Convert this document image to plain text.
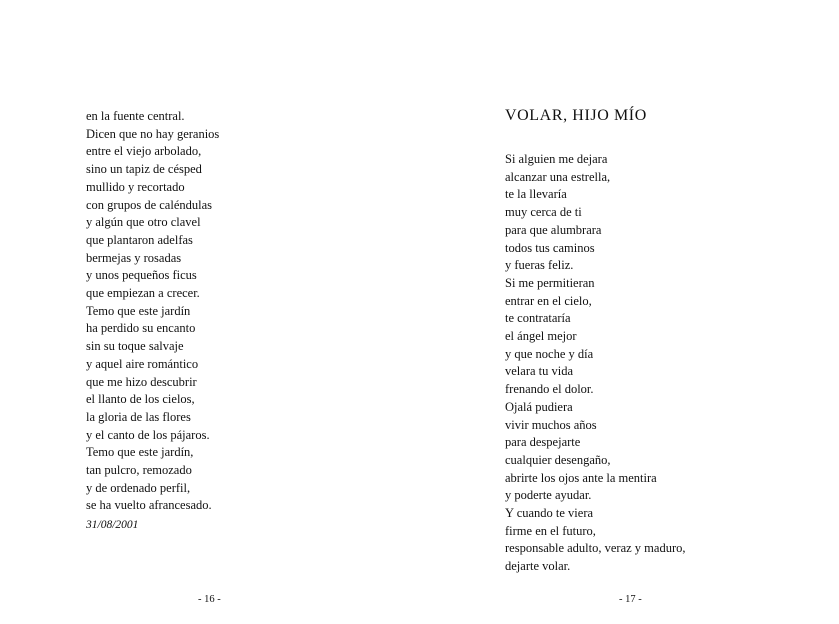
en la fuente central.
Dicen que no hay geranios
entre el viejo arbolado,
sino un tapiz de césped
mullido y recortado
con grupos de caléndulas
y algún que otro clavel
que plantaron adelfas
bermejas y rosadas
y unos pequeños ficus
que empiezan a crecer.
Temo que este jardín
ha perdido su encanto
sin su toque salvaje
y aquel aire romántico
que me hizo descubrir
el llanto de los cielos,
la gloria de las flores
y el canto de los pájaros.
Temo que este jardín,
tan pulcro, remozado
y de ordenado perfil,
se ha vuelto afrancesado.
31/08/2001
- 16 -
VOLAR, HIJO MÍO
Si alguien me dejara
alcanzar una estrella,
te la llevaría
muy cerca de ti
para que alumbrara
todos tus caminos
y fueras feliz.
Si me permitieran
entrar en el cielo,
te contrataría
el ángel mejor
y que noche y día
velara tu vida
frenando el dolor.
Ojalá pudiera
vivir muchos años
para despejarte
cualquier desengaño,
abrirte los ojos ante la mentira
y poderte ayudar.
Y cuando te viera
firme en el futuro,
responsable adulto, veraz y maduro,
dejarte volar.
- 17 -
